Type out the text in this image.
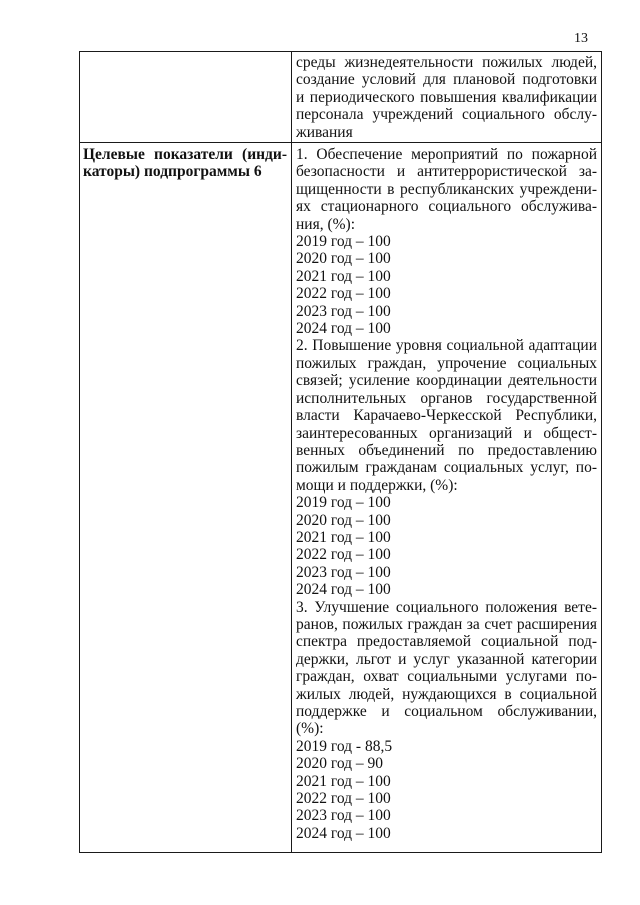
13
среды жизнедеятельности пожилых людей,
создание условий для плановой подготовки
и периодического повышения квалификации
персонала учреждений социального обслу-
живания
Целевые показатели (инди-
каторы) подпрограммы 6
1. Обеспечение мероприятий по пожарной
безопасности и антитеррористической за-
щищенности в республиканских учреждени-
ях стационарного социального обслужива-
ния, (%):
2019 год – 100
2020 год – 100
2021 год – 100
2022 год – 100
2023 год – 100
2024 год – 100
2. Повышение уровня социальной адаптации
пожилых граждан, упрочение социальных
связей; усиление координации деятельности
исполнительных органов государственной
власти Карачаево-Черкесской Республики,
заинтересованных организаций и общест-
венных объединений по предоставлению
пожилым гражданам социальных услуг, по-
мощи и поддержки, (%):
2019 год – 100
2020 год – 100
2021 год – 100
2022 год – 100
2023 год – 100
2024 год – 100
3. Улучшение социального положения вете-
ранов, пожилых граждан за счет расширения
спектра предоставляемой социальной под-
держки, льгот и услуг указанной категории
граждан, охват социальными услугами по-
жилых людей, нуждающихся в социальной
поддержке и социальном обслуживании,
(%):
2019 год - 88,5
2020 год – 90
2021 год – 100
2022 год – 100
2023 год – 100
2024 год – 100
